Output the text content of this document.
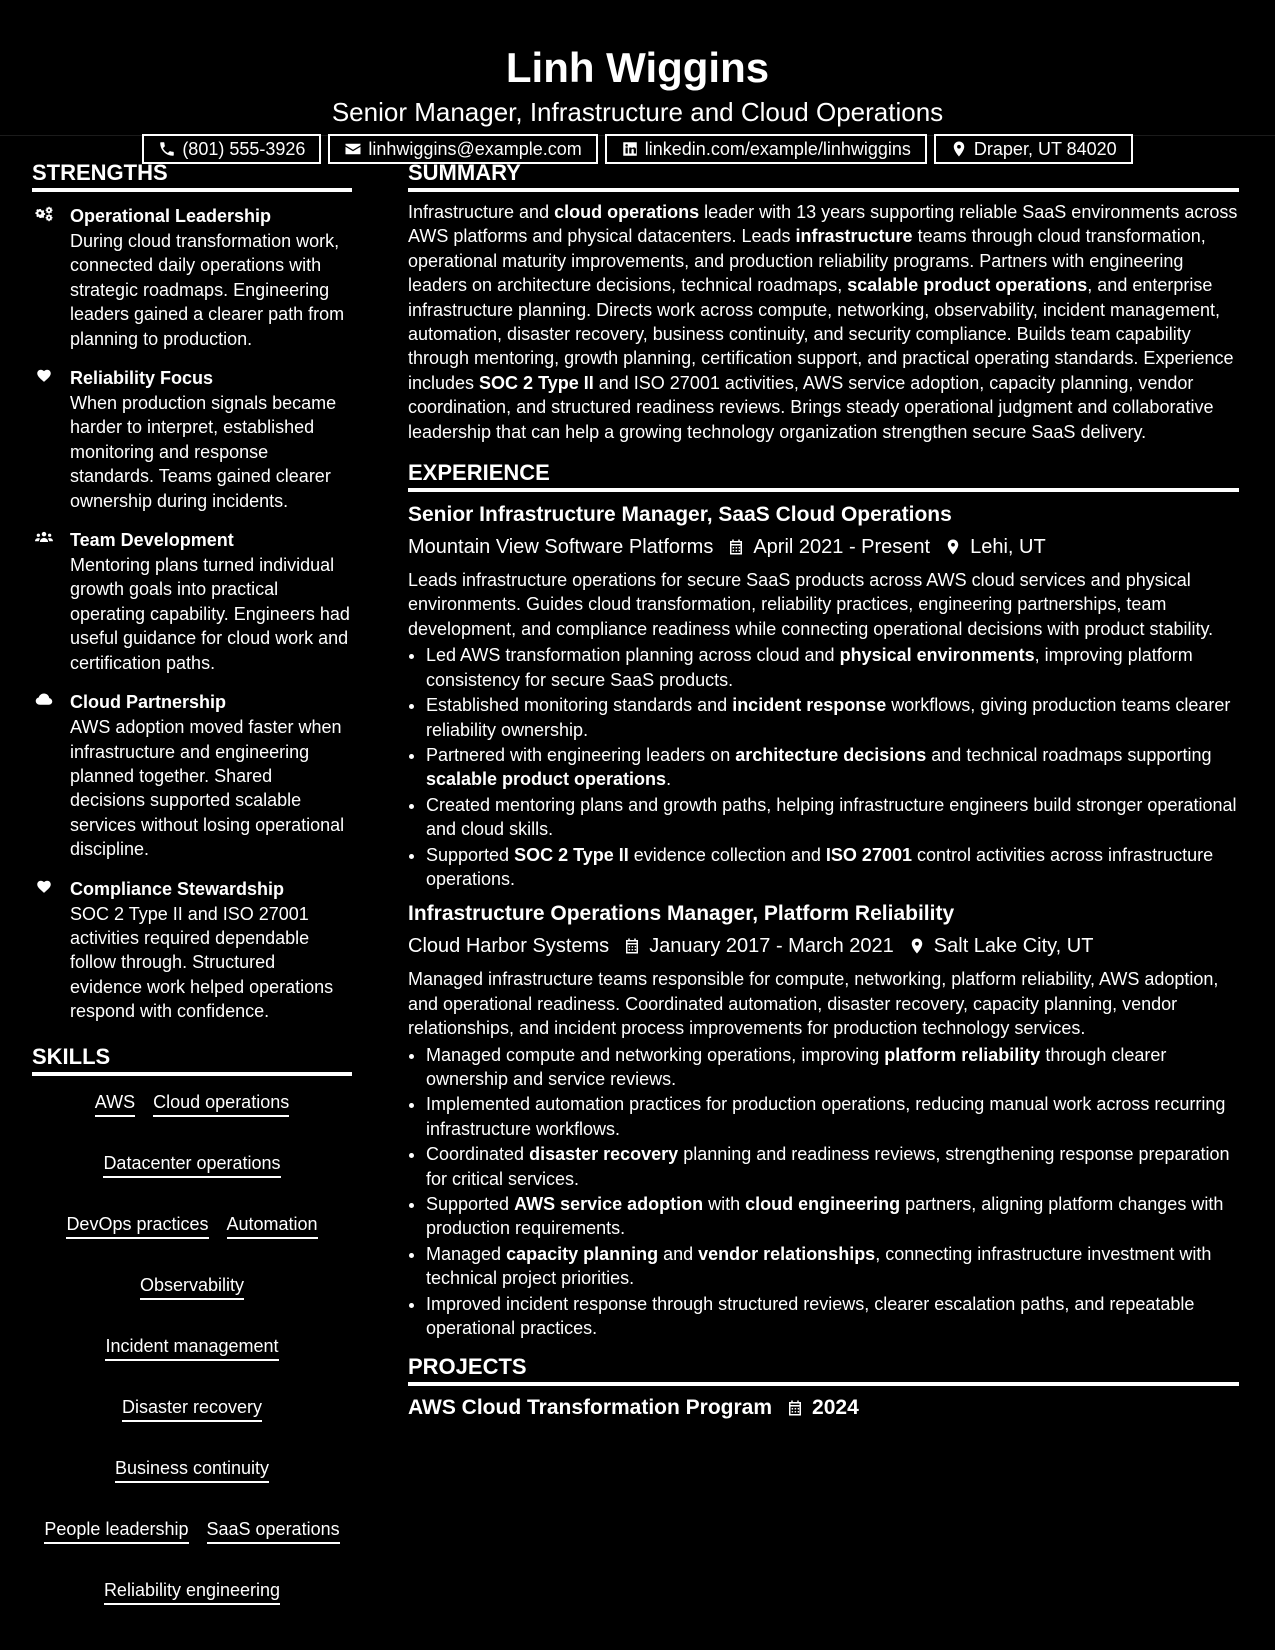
Linh Wiggins
Senior Manager, Infrastructure and Cloud Operations
(801) 555-3926	linhwiggins@example.com	linkedin.com/example/linhwiggins	Draper, UT 84020
STRENGTHS
Operational Leadership

During cloud transformation work, connected daily operations with strategic roadmaps. Engineering leaders gained a clearer path from planning to production.

Reliability Focus

When production signals became harder to interpret, established monitoring and response standards. Teams gained clearer ownership during incidents.

Team Development

Mentoring plans turned individual growth goals into practical operating capability. Engineers had useful guidance for cloud work and certification paths.

Cloud Partnership

AWS adoption moved faster when infrastructure and engineering planned together. Shared decisions supported scalable services without losing operational discipline.

Compliance Stewardship

SOC 2 Type II and ISO 27001 activities required dependable follow through. Structured evidence work helped operations respond with confidence.

SKILLS
AWS Cloud operations
Datacenter operations
DevOps practices Automation
Observability
Incident management
Disaster recovery
Business continuity
People leadership SaaS operations
Reliability engineering
SUMMARY

Infrastructure and cloud operations leader with 13 years supporting reliable SaaS environments across AWS platforms and physical datacenters. Leads infrastructure teams through cloud transformation, operational maturity improvements, and production reliability programs. Partners with engineering leaders on architecture decisions, technical roadmaps, scalable product operations, and enterprise infrastructure planning. Directs work across compute, networking, observability, incident management, automation, disaster recovery, business continuity, and security compliance. Builds team capability through mentoring, growth planning, certification support, and practical operating standards. Experience includes SOC 2 Type II and ISO 27001 activities, AWS service adoption, capacity planning, vendor coordination, and structured readiness reviews. Brings steady operational judgment and collaborative leadership that can help a growing technology organization strengthen secure SaaS delivery.

EXPERIENCE
Senior Infrastructure Manager, SaaS Cloud Operations
Mountain View Software Platforms April 2021 - Present Lehi, UT

Leads infrastructure operations for secure SaaS products across AWS cloud services and physical environments. Guides cloud transformation, reliability practices, engineering partnerships, team development, and compliance readiness while connecting operational decisions with product stability.

• Led AWS transformation planning across cloud and physical environments, improving platform consistency for secure SaaS products.
• Established monitoring standards and incident response workflows, giving production teams clearer reliability ownership.
• Partnered with engineering leaders on architecture decisions and technical roadmaps supporting scalable product operations.
• Created mentoring plans and growth paths, helping infrastructure engineers build stronger operational and cloud skills.
• Supported SOC 2 Type II evidence collection and ISO 27001 control activities across infrastructure operations.
Infrastructure Operations Manager, Platform Reliability
Cloud Harbor Systems January 2017 - March 2021 Salt Lake City, UT

Managed infrastructure teams responsible for compute, networking, platform reliability, AWS adoption, and operational readiness. Coordinated automation, disaster recovery, capacity planning, vendor relationships, and incident process improvements for production technology services.

• Managed compute and networking operations, improving platform reliability through clearer ownership and service reviews.
• Implemented automation practices for production operations, reducing manual work across recurring infrastructure workflows.
• Coordinated disaster recovery planning and readiness reviews, strengthening response preparation for critical services.
• Supported AWS service adoption with cloud engineering partners, aligning platform changes with production requirements.
• Managed capacity planning and vendor relationships, connecting infrastructure investment with technical project priorities.
• Improved incident response through structured reviews, clearer escalation paths, and repeatable operational practices.
PROJECTS
AWS Cloud Transformation Program 2024
